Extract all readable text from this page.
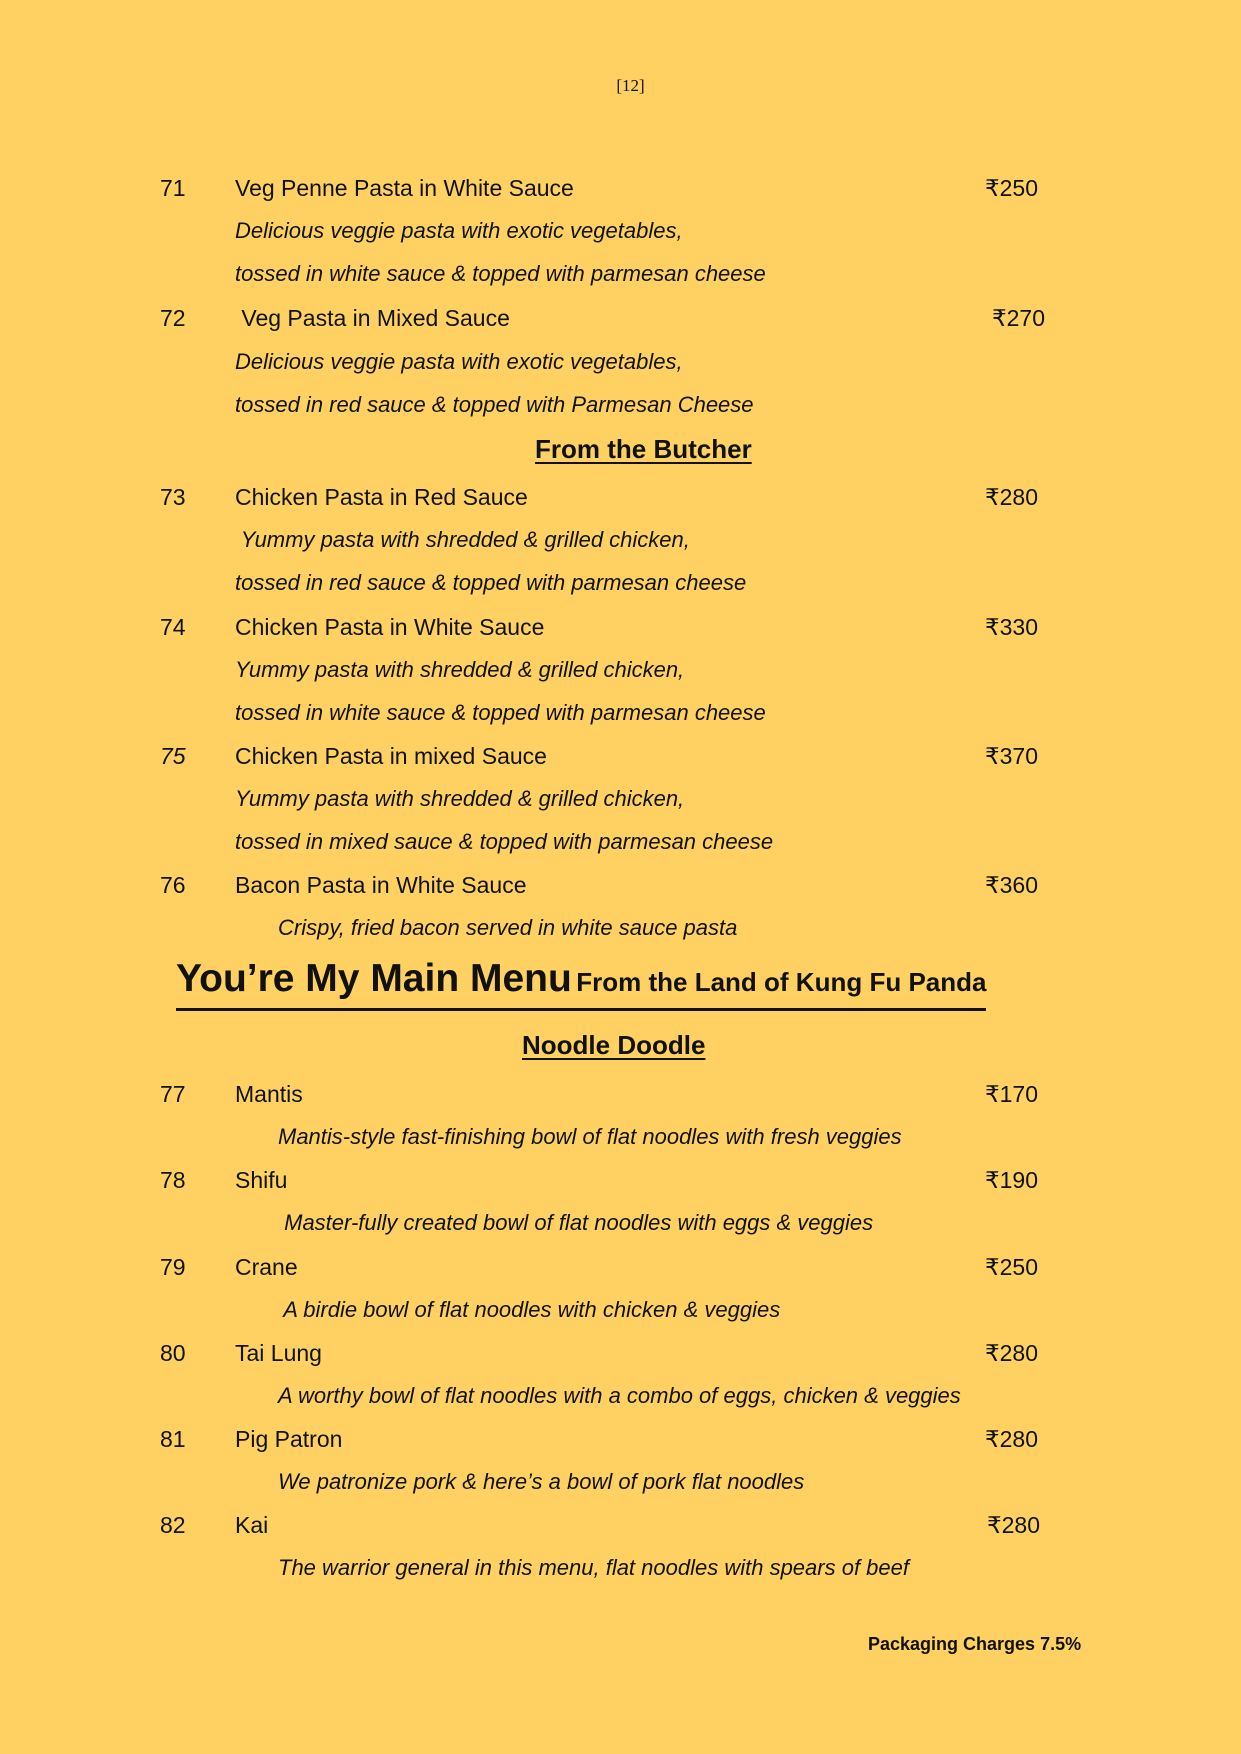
[12]
71 Veg Penne Pasta in White Sauce	₹250
Delicious veggie pasta with exotic vegetables,
tossed in white sauce & topped with parmesan cheese
72 Veg Pasta in Mixed Sauce	₹270
Delicious veggie pasta with exotic vegetables,
tossed in red sauce & topped with Parmesan Cheese
From the Butcher
73 Chicken Pasta in Red Sauce	₹280
Yummy pasta with shredded & grilled chicken,
tossed in red sauce & topped with parmesan cheese
74 Chicken Pasta in White Sauce	₹330
Yummy pasta with shredded & grilled chicken,
tossed in white sauce & topped with parmesan cheese
75 Chicken Pasta in mixed Sauce	₹370
Yummy pasta with shredded & grilled chicken,
tossed in mixed sauce & topped with parmesan cheese
76 Bacon Pasta in White Sauce	₹360
Crispy, fried bacon served in white sauce pasta
You’re My Main Menu From the Land of Kung Fu Panda
Noodle Doodle
77 Mantis	₹170
Mantis-style fast-finishing bowl of flat noodles with fresh veggies
78 Shifu	₹190
Master-fully created bowl of flat noodles with eggs & veggies
79 Crane	₹250
A birdie bowl of flat noodles with chicken & veggies
80 Tai Lung	₹280
A worthy bowl of flat noodles with a combo of eggs, chicken & veggies
81 Pig Patron	₹280
We patronize pork & here’s a bowl of pork flat noodles
82 Kai	₹280
The warrior general in this menu, flat noodles with spears of beef
Packaging Charges 7.5%
